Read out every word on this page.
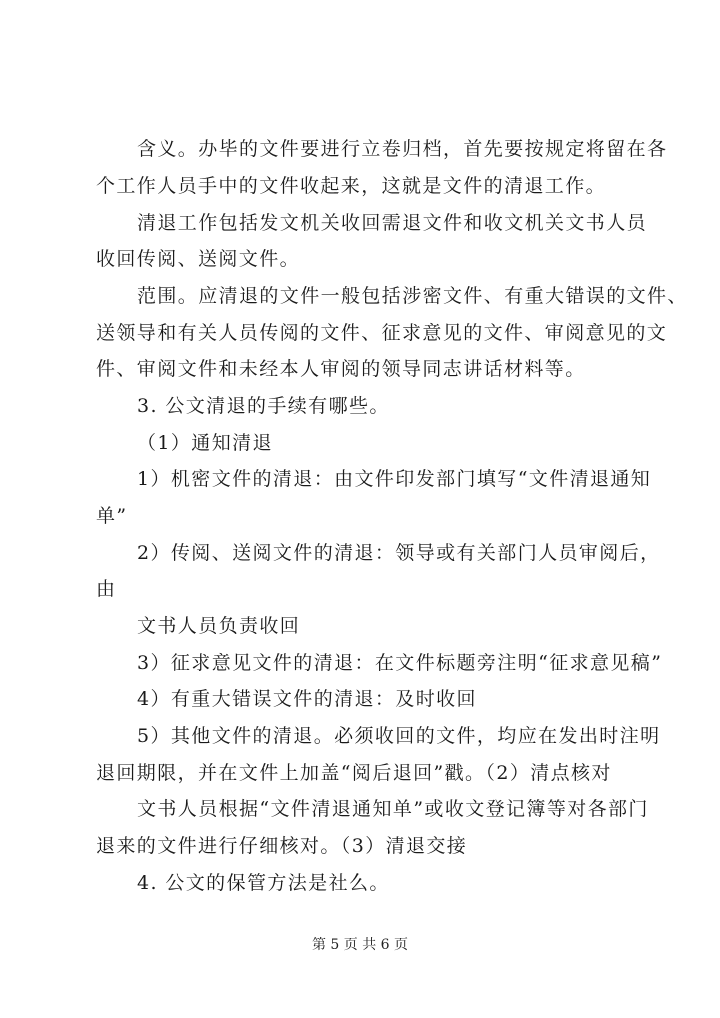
含义。办毕的文件要进行立卷归档，首先要按规定将留在各
个工作人员手中的文件收起来，这就是文件的清退工作。
清退工作包括发文机关收回需退文件和收文机关文书人员
收回传阅、送阅文件。
范围。应清退的文件一般包括涉密文件、有重大错误的文件、
送领导和有关人员传阅的文件、征求意见的文件、审阅意见的文
件、审阅文件和未经本人审阅的领导同志讲话材料等。
3. 公文清退的手续有哪些。
（1）通知清退
1）机密文件的清退：由文件印发部门填写“文件清退通知
单”
2）传阅、送阅文件的清退：领导或有关部门人员审阅后，
由
文书人员负责收回
3）征求意见文件的清退：在文件标题旁注明“征求意见稿”
4）有重大错误文件的清退：及时收回
5）其他文件的清退。必须收回的文件，均应在发出时注明
退回期限，并在文件上加盖“阅后退回”戳。（2）清点核对
文书人员根据“文件清退通知单”或收文登记簿等对各部门
退来的文件进行仔细核对。（3）清退交接
4. 公文的保管方法是社么。
第 5 页 共 6 页
